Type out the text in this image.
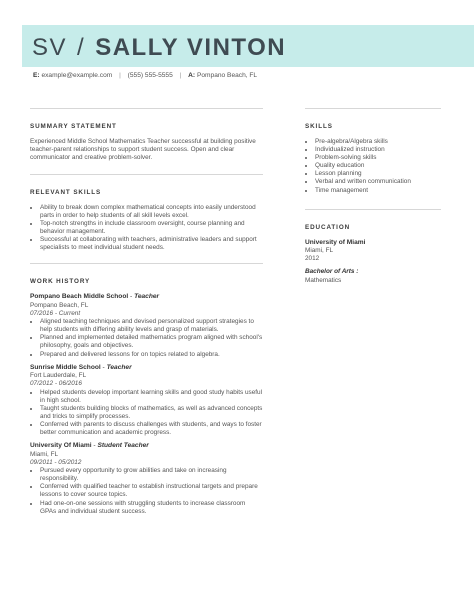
SV / SALLY VINTON
E: example@example.com | (555) 555-5555 | A: Pompano Beach, FL
SUMMARY STATEMENT

Experienced Middle School Mathematics Teacher successful at building positive teacher-parent relationships to support student success. Open and clear communicator and creative problem-solver.

RELEVANT SKILLS
• Ability to break down complex mathematical concepts into easily understood parts in order to help students of all skill levels excel.
• Top-notch strengths in include classroom oversight, course planning and behavior management.
• Successful at collaborating with teachers, administrative leaders and support specialists to meet individual student needs.
WORK HISTORY
Pompano Beach Middle School - Teacher
Pompano Beach, FL
07/2016 - Current
• Aligned teaching techniques and devised personalized support strategies to help students with differing ability levels and grasp of materials.
• Planned and implemented detailed mathematics program aligned with school's philosophy, goals and objectives.
• Prepared and delivered lessons for on topics related to algebra.
Sunrise Middle School - Teacher
Fort Lauderdale, FL
07/2012 - 06/2016
• Helped students develop important learning skills and good study habits useful in high school.
• Taught students building blocks of mathematics, as well as advanced concepts and tricks to simplify processes.
• Conferred with parents to discuss challenges with students, and ways to foster better communication and academic progress.
University Of Miami - Student Teacher
Miami, FL
09/2011 - 05/2012
• Pursued every opportunity to grow abilities and take on increasing responsibility.
• Conferred with qualified teacher to establish instructional targets and prepare lessons to cover source topics.
• Had one-on-one sessions with struggling students to increase classroom GPAs and individual student success.
SKILLS
• Pre-algebra/Algebra skills
• Individualized instruction
• Problem-solving skills
• Quality education
• Lesson planning
• Verbal and written communication
• Time management
EDUCATION
University of Miami
Miami, FL
2012
Bachelor of Arts :
Mathematics
